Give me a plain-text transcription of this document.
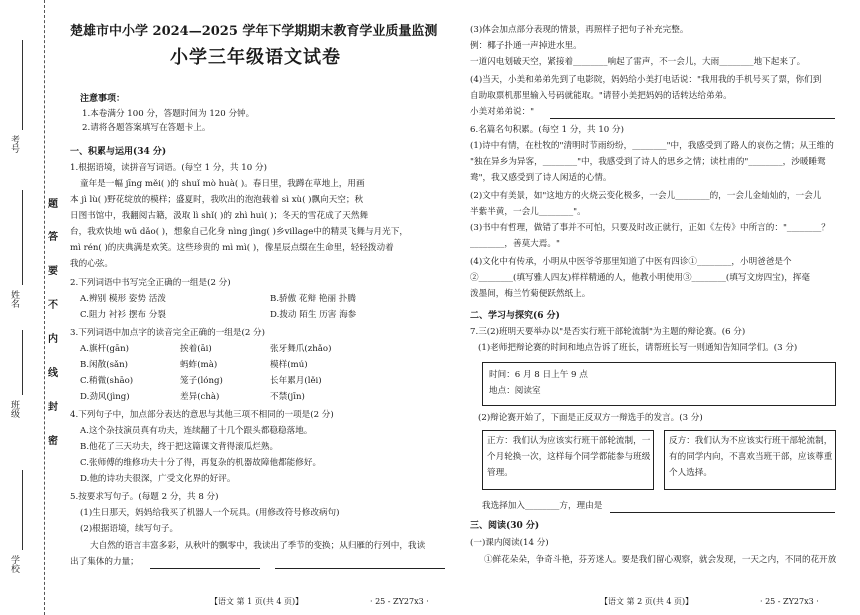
考号
姓名
班级
学校
题
答
要
不
内
线
封
密
楚雄市中小学 2024—2025 学年下学期期末教育学业质量监测
小学三年级语文试卷
注意事项：
1.本卷满分 100 分，答题时间为 120 分钟。
2.请将各题答案填写在答题卡上。
一、积累与运用(34 分)
1.根据语境，读拼音写词语。(每空 1 分，共 10 分)
童年是一幅 jīng měi( )的 shuǐ mò huà( )。春日里，我蹲在草地上，用画
本 jì lù( )野花绽放的模样；盛夏时，我吹出的泡泡载着 sì xù( )飘向天空；秋
日图书馆中，我翻阅古籍，汲取 lì shǐ( )的 zhì huì( )；冬天的雪花成了天然舞
台，我欢快地 wǔ dǎo( )，想象自己化身 nìng jìng( )乡village中的精灵飞舞与月光下，
mì rén( )的庆典满是欢笑。这些珍贵的 mì mì( )，像星辰点缀在生命里，轻轻拨动着
我的心弦。
2.下列词语中书写完全正确的一组是(2 分)
A.辨别 模形 姿势 活泼	B.骄傲 花辩 艳丽 扑腾
C.阻力 衬衫 摆布 分裂	D.拨动 陌生 历害 海参
3.下列词语中加点字的读音完全正确的一组是(2 分)
A.旗杆(gān)	挨着(āi)	张牙舞爪(zhǎo)
B.闲散(sǎn)	蚂蚱(mà)	模样(mú)
C.稍微(shāo)	笼子(lóng)	长年累月(lěi)
D.劲风(jìng)	差异(chà)	不禁(jīn)
4.下列句子中，加点部分表达的意思与其他三项不相同的一项是(2 分)
A.这个杂技演员真有功夫，连续翻了十几个跟头都稳稳落地。
B.他花了三天功夫，终于把这篇课文背得滚瓜烂熟。
C.张师傅的维修功夫十分了得，再复杂的机器故障他都能修好。
D.他的诗功夫很深，广受文化界的好评。
5.按要求写句子。(每题 2 分，共 8 分)
(1)生日那天，妈妈给我买了机器人一个玩具。(用修改符号修改病句)
(2)根据语境，续写句子。
大自然的语言丰富多彩，从秋叶的飘零中，我读出了季节的变换；从归雁的行列中，我读
出了集体的力量；
【语文 第 1 页(共 4 页)】	· 25 - ZY27x3 ·
(3)体会加点部分表现的情景，再照样子把句子补充完整。
例：椰子扑通一声掉进水里。
一道闪电划破天空，紧接着________响起了雷声，不一会儿，大雨________地下起来了。
(4)当天，小美和弟弟先到了电影院，妈妈给小美打电话说："我用我的手机号买了票，你们到
自助取票机那里输入号码就能取。"请替小美把妈妈的话转达给弟弟。
小美对弟弟说："
6.名篇名句积累。(每空 1 分，共 10 分)
(1)诗中有情，在杜牧的"清明时节雨纷纷，________"中，我感受到了路人的哀伤之情；从王维的
"独在异乡为异客，________"中，我感受到了诗人的思乡之情；读杜甫的"________，沙暖睡鸳
鸯"，我又感受到了诗人闲适的心情。
(2)文中有美景，如"这地方的火烧云变化极多，一会儿________的，一会儿金灿灿的，一会儿
半紫半黄，一会儿________"。
(3)书中有哲理，做错了事并不可怕，只要及时改正就行，正如《左传》中所言的："________？
________，善莫大焉。"
(4)文化中有传承，小明从中医爷爷那里知道了中医有四诊①________，小明爸爸是个
②________(填写雅人四友)样样精通的人，他教小明使用③________(填写文房四宝)，挥毫
泼墨间，梅兰竹菊便跃然纸上。
二、学习与探究(6 分)
7.三(2)班明天要举办以"是否实行班干部轮流制"为主题的辩论赛。(6 分)
(1)老师把辩论赛的时间和地点告诉了班长，请帮班长写一则通知告知同学们。(3 分)
时间：6 月 8 日上午 9 点
地点：阅读室
(2)辩论赛开始了，下面是正反双方一辩选手的发言。(3 分)
正方：我们认为应该实行班干部轮流制，一
个月轮换一次，这样每个同学都能参与班级
管理。
反方：我们认为不应该实行班干部轮流制，
有的同学内向，不喜欢当班干部，应该尊重
个人选择。
我选择加入________方，理由是
三、阅读(30 分)
(一)课内阅读(14 分)
①鲜花朵朵，争奇斗艳，芬芳迷人。要是我们留心观察，就会发现，一天之内，不同的花开放
【语文 第 2 页(共 4 页)】	· 25 - ZY27x3 ·
